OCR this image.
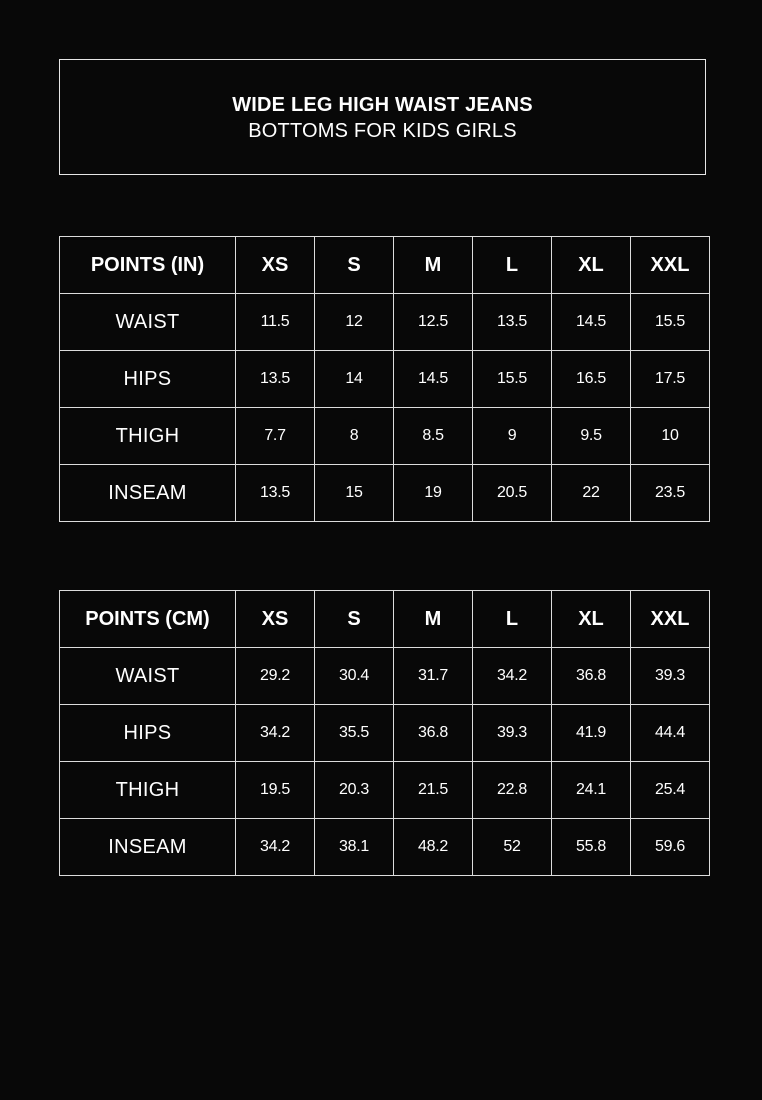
WIDE LEG HIGH WAIST JEANS
BOTTOMS FOR KIDS GIRLS
POINTS (IN)	XS	S	M	L	XL	XXL
WAIST	11.5	12	12.5	13.5	14.5	15.5
HIPS	13.5	14	14.5	15.5	16.5	17.5
THIGH	7.7	8	8.5	9	9.5	10
INSEAM	13.5	15	19	20.5	22	23.5
POINTS (CM)	XS	S	M	L	XL	XXL
WAIST	29.2	30.4	31.7	34.2	36.8	39.3
HIPS	34.2	35.5	36.8	39.3	41.9	44.4
THIGH	19.5	20.3	21.5	22.8	24.1	25.4
INSEAM	34.2	38.1	48.2	52	55.8	59.6
